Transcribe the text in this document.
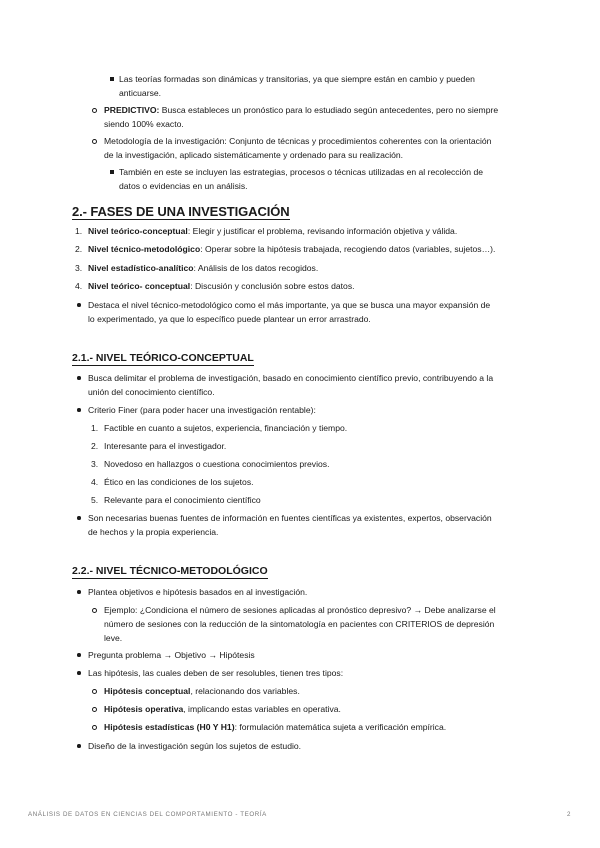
Las teorías formadas son dinámicas y transitorias, ya que siempre están en cambio y pueden
anticuarse.
PREDICTIVO: Busca estableces un pronóstico para lo estudiado según antecedentes, pero no siempre
siendo 100% exacto.
Metodología de la investigación: Conjunto de técnicas y procedimientos coherentes con la orientación
de la investigación, aplicado sistemáticamente y ordenado para su realización.
También en este se incluyen las estrategias, procesos o técnicas utilizadas en al recolección de
datos o evidencias en un análisis.
2.- FASES DE UNA INVESTIGACIÓN
1. Nivel teórico-conceptual: Elegir y justificar el problema, revisando información objetiva y válida.
2. Nivel técnico-metodológico: Operar sobre la hipótesis trabajada, recogiendo datos (variables, sujetos…).
3. Nivel estadístico-analítico: Análisis de los datos recogidos.
4. Nivel teórico- conceptual: Discusión y conclusión sobre estos datos.
Destaca el nivel técnico-metodológico como el más importante, ya que se busca una mayor expansión de
lo experimentado, ya que lo específico puede plantear un error arrastrado.
2.1.- NIVEL TEÓRICO-CONCEPTUAL
Busca delimitar el problema de investigación, basado en conocimiento científico previo, contribuyendo a la
unión del conocimiento científico.
Criterio Finer (para poder hacer una investigación rentable):
1. Factible en cuanto a sujetos, experiencia, financiación y tiempo.
2. Interesante para el investigador.
3. Novedoso en hallazgos o cuestiona conocimientos previos.
4. Ético en las condiciones de los sujetos.
5. Relevante para el conocimiento científico
Son necesarias buenas fuentes de información en fuentes científicas ya existentes, expertos, observación
de hechos y la propia experiencia.
2.2.- NIVEL TÉCNICO-METODOLÓGICO
Plantea objetivos e hipótesis basados en al investigación.
Ejemplo: ¿Condiciona el número de sesiones aplicadas al pronóstico depresivo? → Debe analizarse el
número de sesiones con la reducción de la sintomatología en pacientes con CRITERIOS de depresión
leve.
Pregunta problema → Objetivo → Hipótesis
Las hipótesis, las cuales deben de ser resolubles, tienen tres tipos:
Hipótesis conceptual, relacionando dos variables.
Hipótesis operativa, implicando estas variables en operativa.
Hipótesis estadísticas (H0 Y H1): formulación matemática sujeta a verificación empírica.
Diseño de la investigación según los sujetos de estudio.
ANÁLISIS DE DATOS EN CIENCIAS DEL COMPORTAMIENTO - TEORÍA	2
